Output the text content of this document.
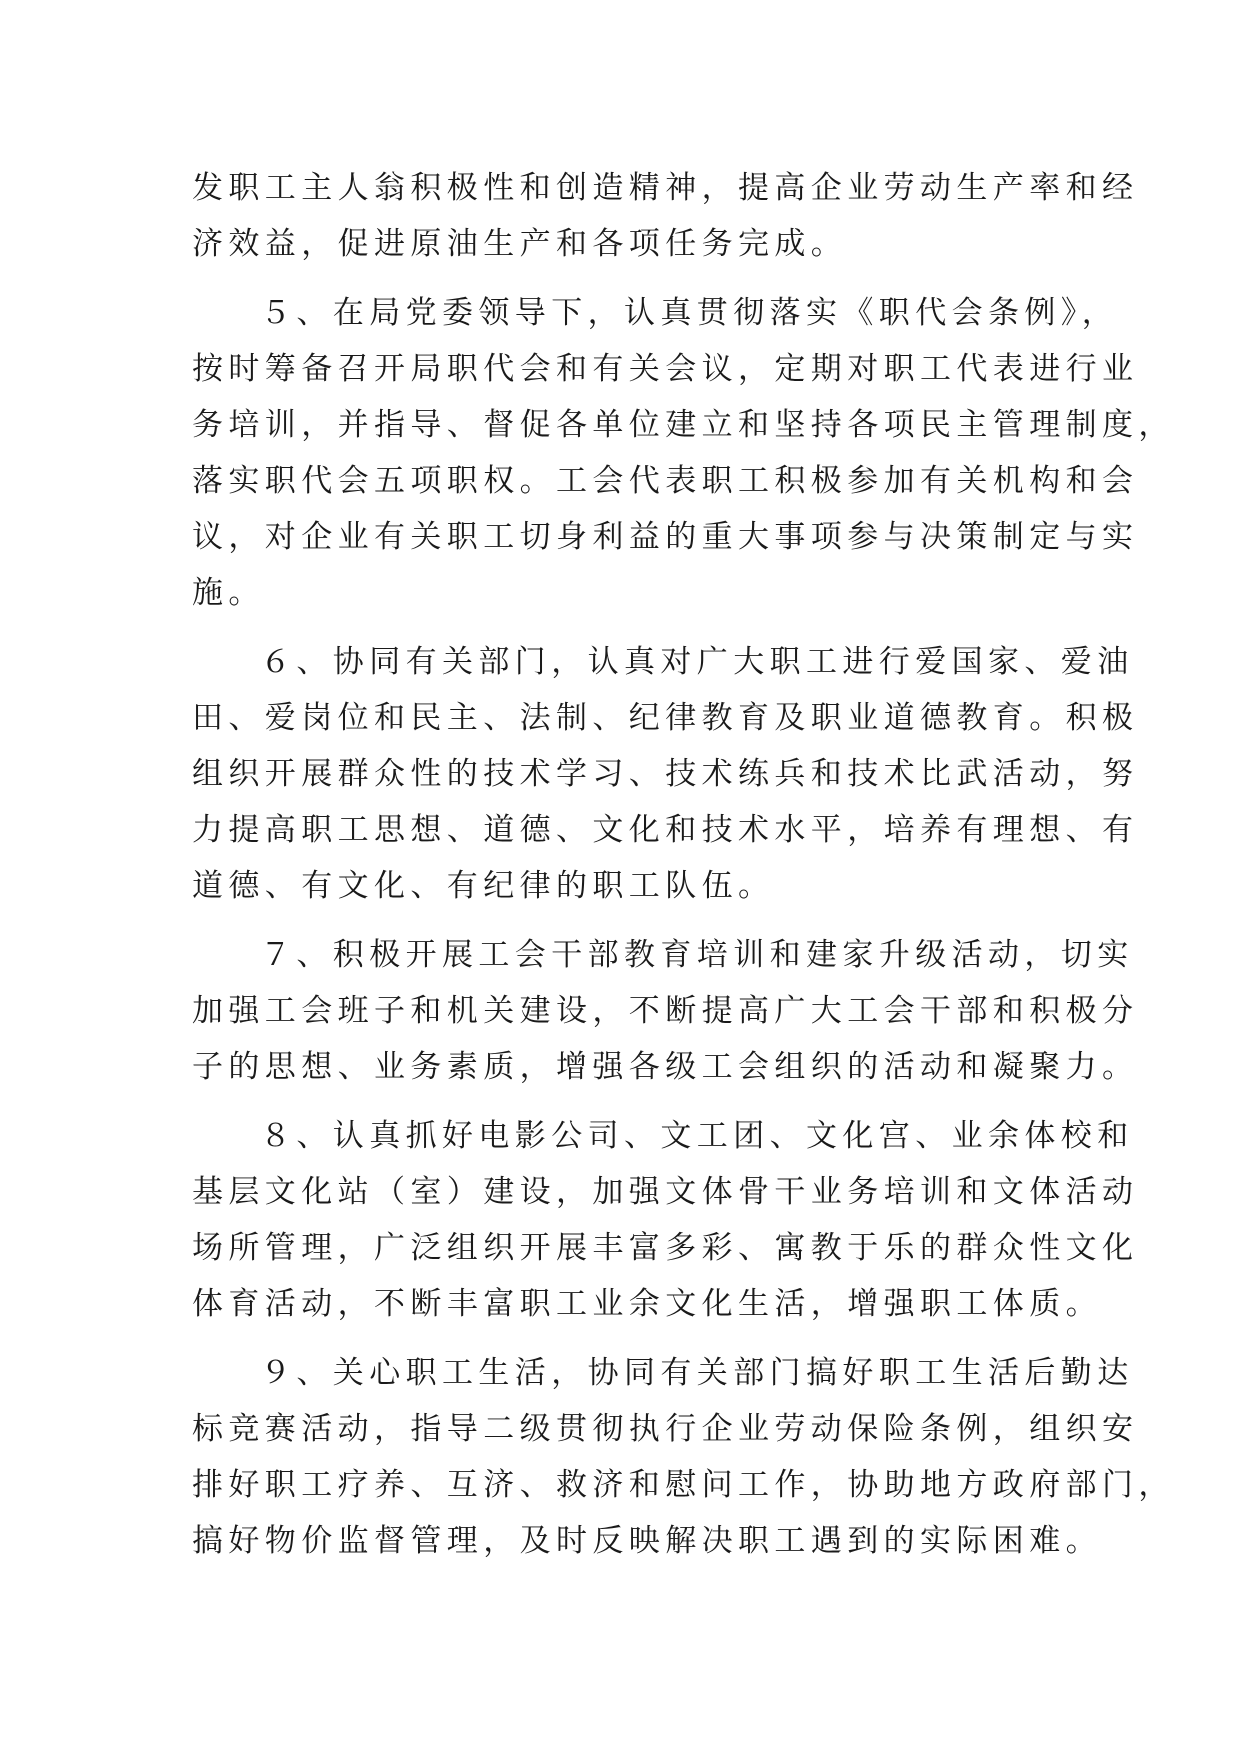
发职工主人翁积极性和创造精神，提高企业劳动生产率和经
济效益，促进原油生产和各项任务完成。
５、在局党委领导下，认真贯彻落实《职代会条例》，
按时筹备召开局职代会和有关会议，定期对职工代表进行业
务培训，并指导、督促各单位建立和坚持各项民主管理制度，
落实职代会五项职权。工会代表职工积极参加有关机构和会
议，对企业有关职工切身利益的重大事项参与决策制定与实
施。
６、协同有关部门，认真对广大职工进行爱国家、爱油
田、爱岗位和民主、法制、纪律教育及职业道德教育。积极
组织开展群众性的技术学习、技术练兵和技术比武活动，努
力提高职工思想、道德、文化和技术水平，培养有理想、有
道德、有文化、有纪律的职工队伍。
７、积极开展工会干部教育培训和建家升级活动，切实
加强工会班子和机关建设，不断提高广大工会干部和积极分
子的思想、业务素质，增强各级工会组织的活动和凝聚力。
８、认真抓好电影公司、文工团、文化宫、业余体校和
基层文化站（室）建设，加强文体骨干业务培训和文体活动
场所管理，广泛组织开展丰富多彩、寓教于乐的群众性文化
体育活动，不断丰富职工业余文化生活，增强职工体质。
９、关心职工生活，协同有关部门搞好职工生活后勤达
标竞赛活动，指导二级贯彻执行企业劳动保险条例，组织安
排好职工疗养、互济、救济和慰问工作，协助地方政府部门，
搞好物价监督管理，及时反映解决职工遇到的实际困难。
